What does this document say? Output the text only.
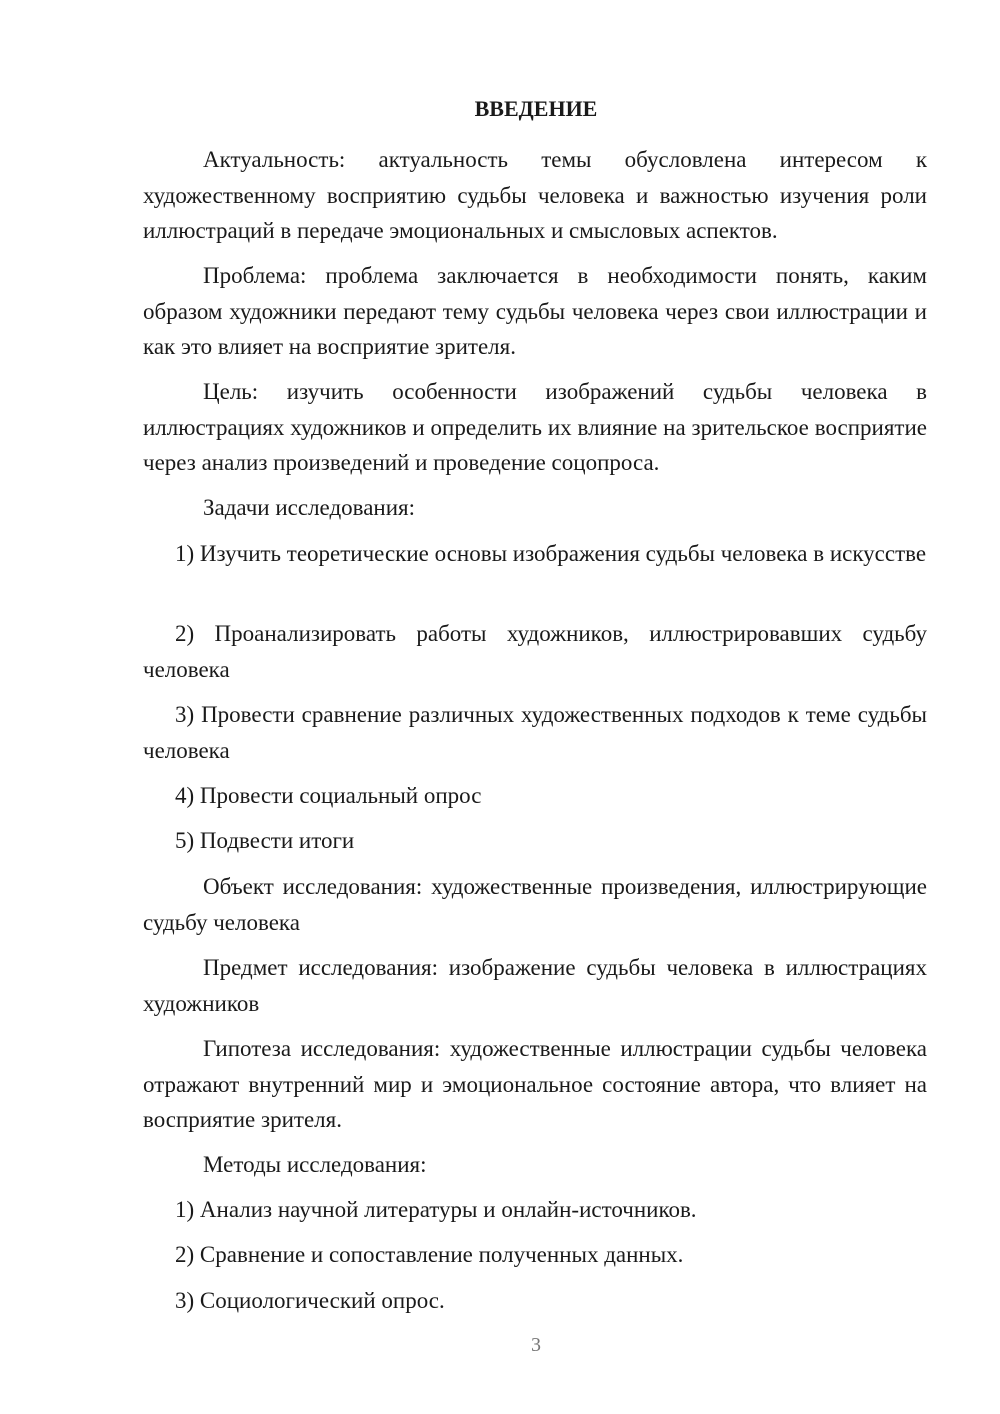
ВВЕДЕНИЕ
Актуальность: актуальность темы обусловлена интересом к художественному восприятию судьбы человека и важностью изучения роли иллюстраций в передаче эмоциональных и смысловых аспектов.
Проблема: проблема заключается в необходимости понять, каким образом художники передают тему судьбы человека через свои иллюстрации и как это влияет на восприятие зрителя.
Цель: изучить особенности изображений судьбы человека в иллюстрациях художников и определить их влияние на зрительское восприятие через анализ произведений и проведение соцопроса.
Задачи исследования:
1) Изучить теоретические основы изображения судьбы человека в искусстве
2) Проанализировать работы художников, иллюстрировавших судьбу человека
3) Провести сравнение различных художественных подходов к теме судьбы человека
4) Провести социальный опрос
5) Подвести итоги
Объект исследования: художественные произведения, иллюстрирующие судьбу человека
Предмет исследования: изображение судьбы человека в иллюстрациях художников
Гипотеза исследования: художественные иллюстрации судьбы человека отражают внутренний мир и эмоциональное состояние автора, что влияет на восприятие зрителя.
Методы исследования:
1) Анализ научной литературы и онлайн-источников.
2) Сравнение и сопоставление полученных данных.
3) Социологический опрос.
3
